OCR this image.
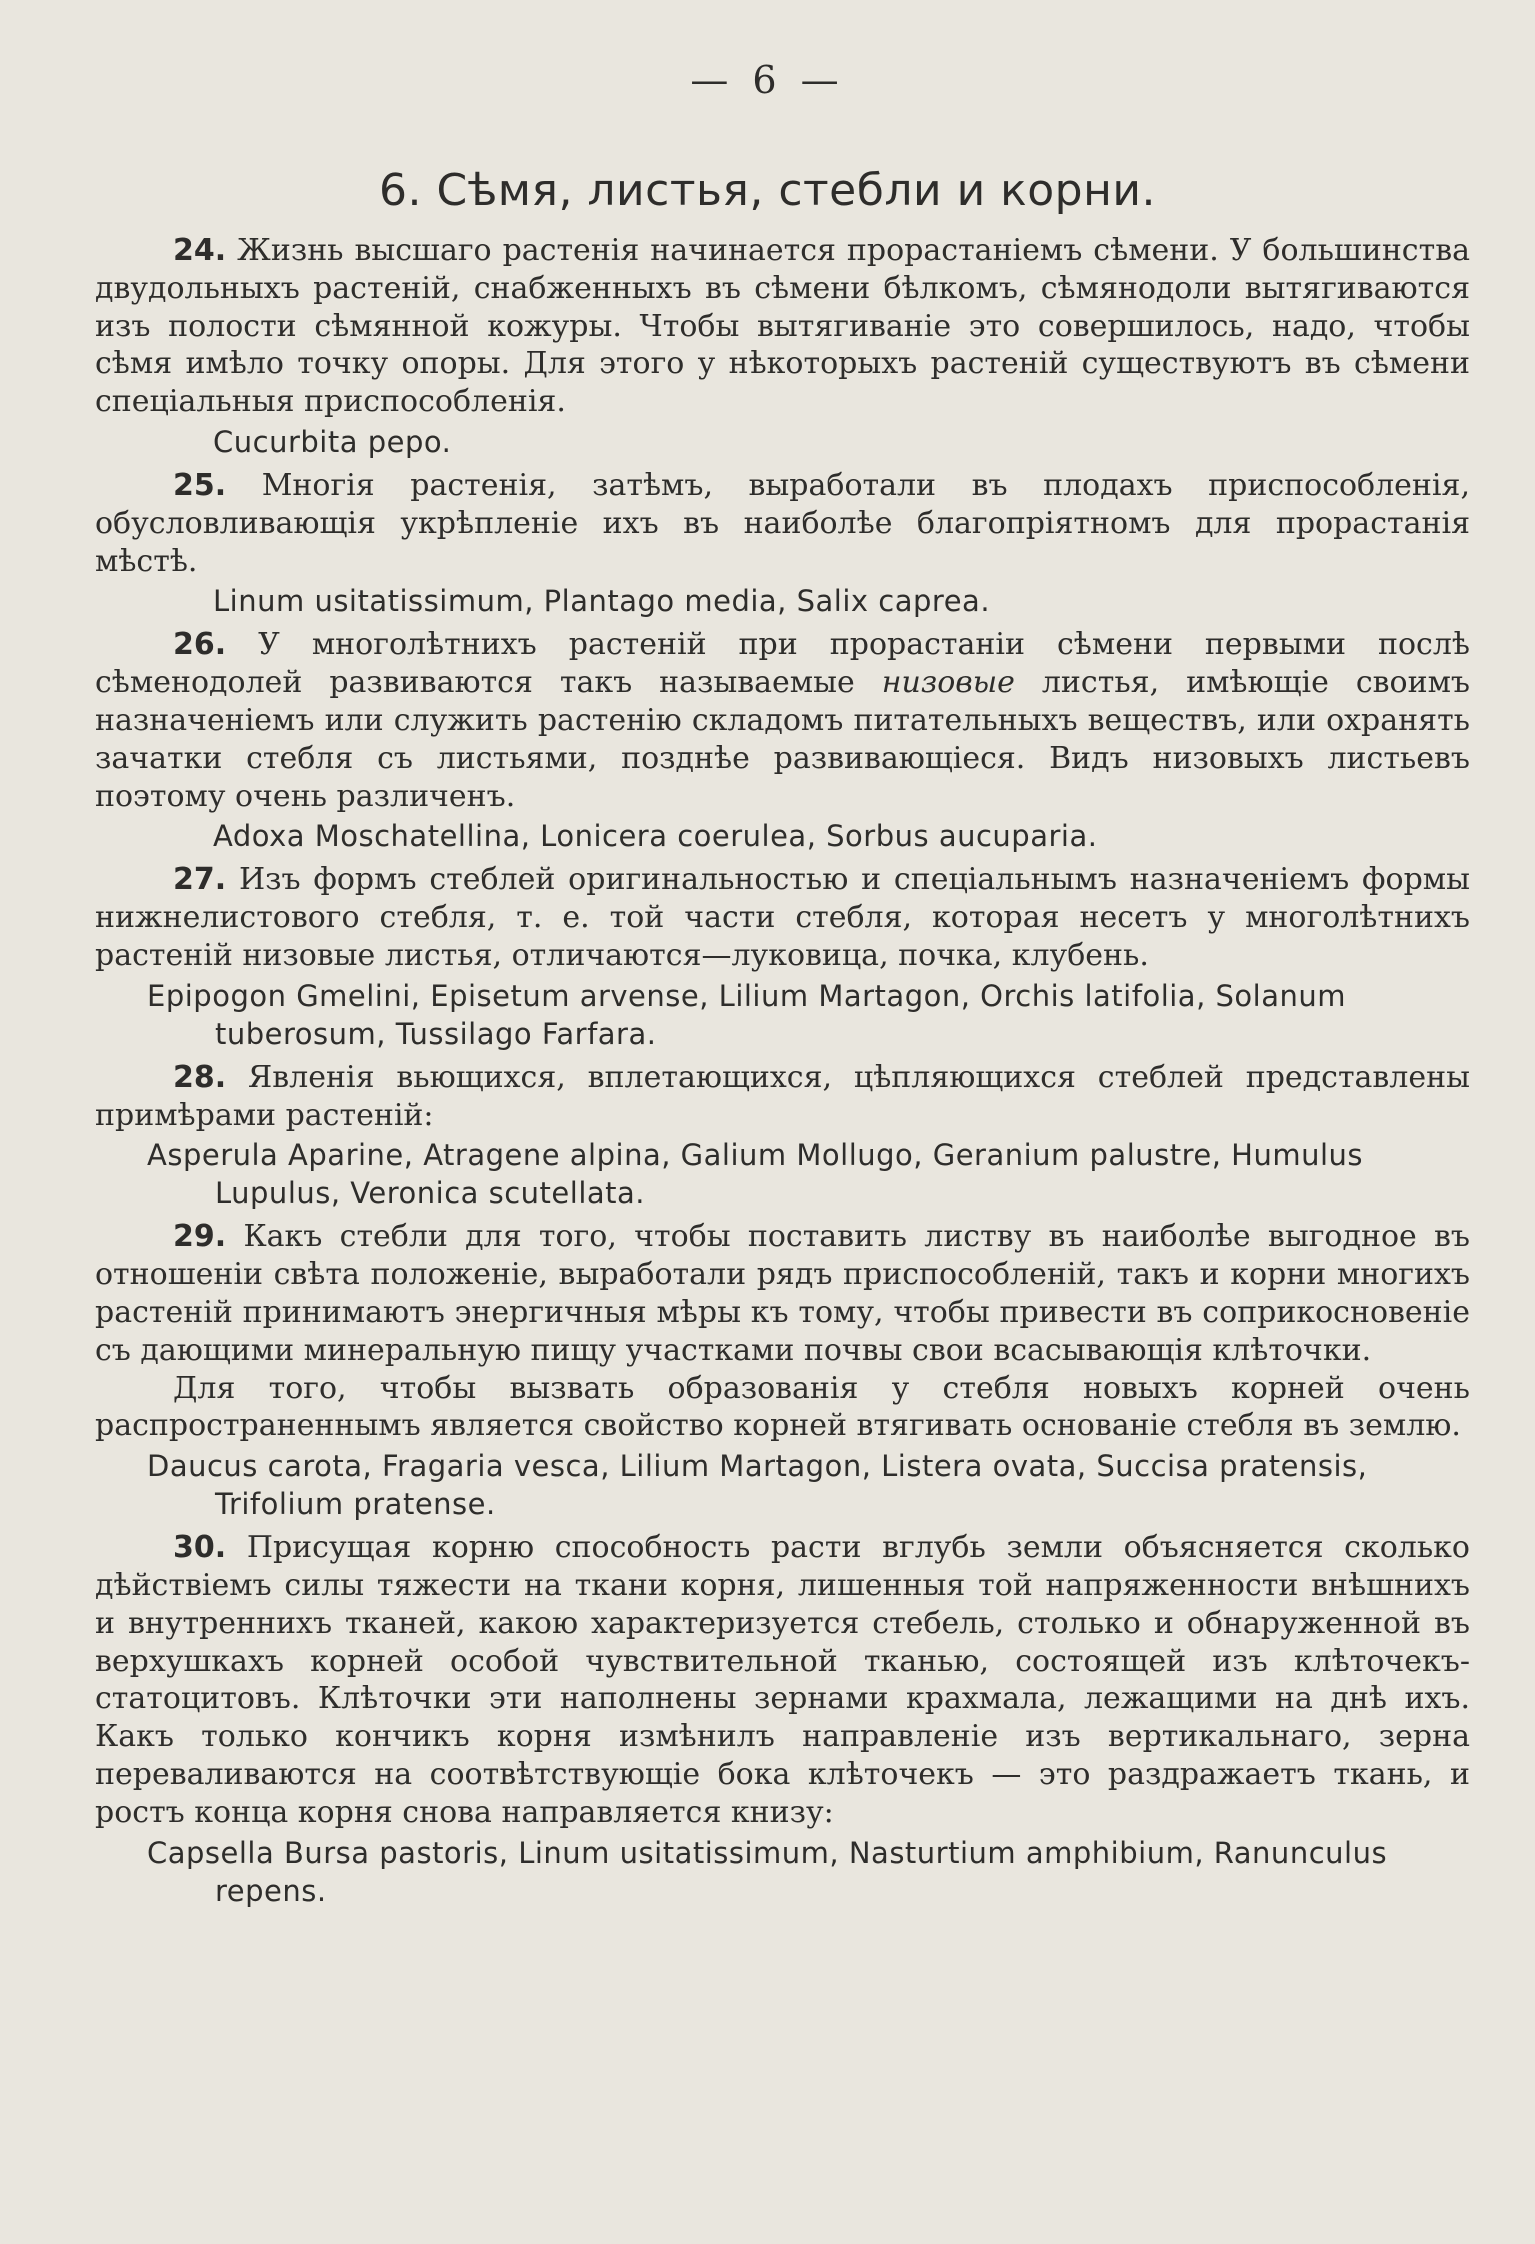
— 6 —
6. Сѣмя, листья, стебли и корни.

24. Жизнь высшаго растенія начинается прорастаніемъ сѣмени. У большинства двудольныхъ растеній, снабженныхъ въ сѣмени бѣлкомъ, сѣмянодоли вытягиваются изъ полости сѣмянной кожуры. Чтобы вытягиваніе это совершилось, надо, чтобы сѣмя имѣло точку опоры. Для этого у нѣкоторыхъ растеній существуютъ въ сѣмени спеціальныя приспособленія.

Cucurbita pepo.

25. Многія растенія, затѣмъ, выработали въ плодахъ приспособленія, обусловливающія укрѣпленіе ихъ въ наиболѣе благопріятномъ для прорастанія мѣстѣ.

Linum usitatissimum, Plantago media, Salix caprea.

26. У многолѣтнихъ растеній при прорастаніи сѣмени первыми послѣ сѣменодолей развиваются такъ называемые низовые листья, имѣющіе своимъ назначеніемъ или служить растенію складомъ питательныхъ веществъ, или охранять зачатки стебля съ листьями, позднѣе развивающіеся. Видъ низовыхъ листьевъ поэтому очень различенъ.

Adoxa Moschatellina, Lonicera coerulea, Sorbus aucuparia.

27. Изъ формъ стеблей оригинальностью и спеціальнымъ назначеніемъ формы нижнелистового стебля, т. е. той части стебля, которая несетъ у многолѣтнихъ растеній низовые листья, отличаются—луковица, почка, клубень.

Epipogon Gmelini, Episetum arvense, Lilium Martagon, Orchis latifolia, Solanum tuberosum, Tussilago Farfara.

28. Явленія вьющихся, вплетающихся, цѣпляющихся стеблей представлены примѣрами растеній:

Asperula Aparine, Atragene alpina, Galium Mollugo, Geranium palustre, Humulus Lupulus, Veronica scutellata.

29. Какъ стебли для того, чтобы поставить листву въ наиболѣе выгодное въ отношеніи свѣта положеніе, выработали рядъ приспособленій, такъ и корни многихъ растеній принимаютъ энергичныя мѣры къ тому, чтобы привести въ соприкосновеніе съ дающими минеральную пищу участками почвы свои всасывающія клѣточки.

Для того, чтобы вызвать образованія у стебля новыхъ корней очень распространеннымъ является свойство корней втягивать основаніе стебля въ землю.

Daucus carota, Fragaria vesca, Lilium Martagon, Listera ovata, Succisa pratensis, Trifolium pratense.

30. Присущая корню способность расти вглубь земли объясняется сколько дѣйствіемъ силы тяжести на ткани корня, лишенныя той напряженности внѣшнихъ и внутреннихъ тканей, какою характеризуется стебель, столько и обнаруженной въ верхушкахъ корней особой чувствительной тканью, состоящей изъ клѣточекъ-статоцитовъ. Клѣточки эти наполнены зернами крахмала, лежащими на днѣ ихъ. Какъ только кончикъ корня измѣнилъ направленіе изъ вертикальнаго, зерна переваливаются на соотвѣтствующіе бока клѣточекъ — это раздражаетъ ткань, и ростъ конца корня снова направляется книзу:

Capsella Bursa pastoris, Linum usitatissimum, Nasturtium amphibium, Ranunculus repens.
